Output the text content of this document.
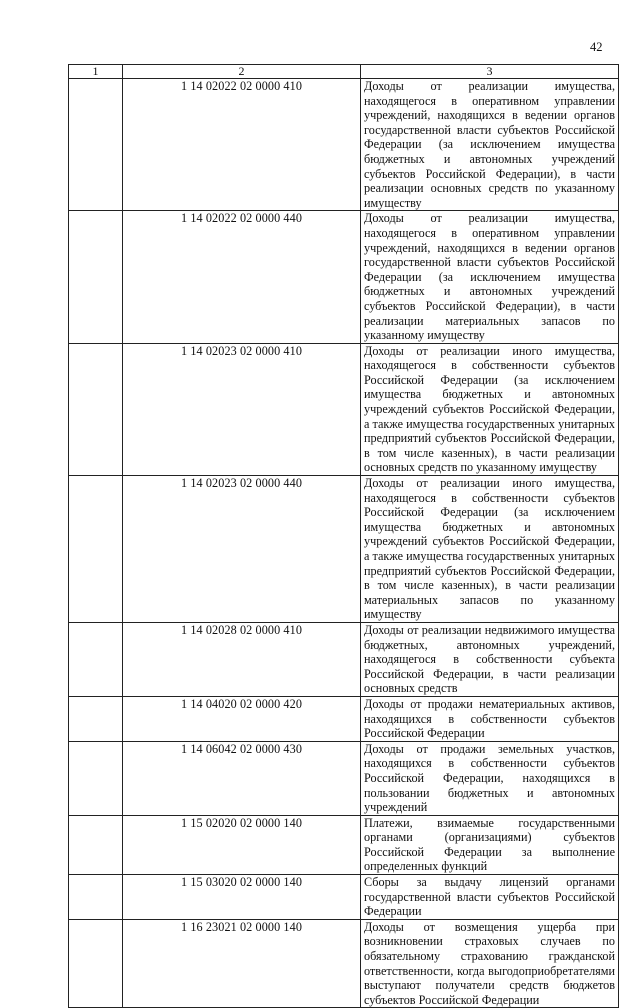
42
1	2	3
	1 14 02022 02 0000 410	Доходы от реализации имущества, находящегося в оперативном управлении учреждений, находящихся в ведении органов государственной власти субъектов Российской Федерации (за исключением имущества бюджетных и автономных учреждений субъектов Российской Федерации), в части реализации основных средств по указанному имуществу
	1 14 02022 02 0000 440	Доходы от реализации имущества, находящегося в оперативном управлении учреждений, находящихся в ведении органов государственной власти субъектов Российской Федерации (за исключением имущества бюджетных и автономных учреждений субъектов Российской Федерации), в части реализации материальных запасов по указанному имуществу
	1 14 02023 02 0000 410	Доходы от реализации иного имущества, находящегося в собственности субъектов Российской Федерации (за исключением имущества бюджетных и автономных учреждений субъектов Российской Федерации, а также имущества государственных унитарных предприятий субъектов Российской Федерации, в том числе казенных), в части реализации основных средств по указанному имуществу
	1 14 02023 02 0000 440	Доходы от реализации иного имущества, находящегося в собственности субъектов Российской Федерации (за исключением имущества бюджетных и автономных учреждений субъектов Российской Федерации, а также имущества государственных унитарных предприятий субъектов Российской Федерации, в том числе казенных), в части реализации материальных запасов по указанному имуществу
	1 14 02028 02 0000 410	Доходы от реализации недвижимого имущества бюджетных, автономных учреждений, находящегося в собственности субъекта Российской Федерации, в части реализации основных средств
	1 14 04020 02 0000 420	Доходы от продажи нематериальных активов, находящихся в собственности субъектов Российской Федерации
	1 14 06042 02 0000 430	Доходы от продажи земельных участков, находящихся в собственности субъектов Российской Федерации, находящихся в пользовании бюджетных и автономных учреждений
	1 15 02020 02 0000 140	Платежи, взимаемые государственными органами (организациями) субъектов Российской Федерации за выполнение определенных функций
	1 15 03020 02 0000 140	Сборы за выдачу лицензий органами государственной власти субъектов Российской Федерации
	1 16 23021 02 0000 140	Доходы от возмещения ущерба при возникновении страховых случаев по обязательному страхованию гражданской ответственности, когда выгодоприобретателями выступают получатели средств бюджетов субъектов Российской Федерации
